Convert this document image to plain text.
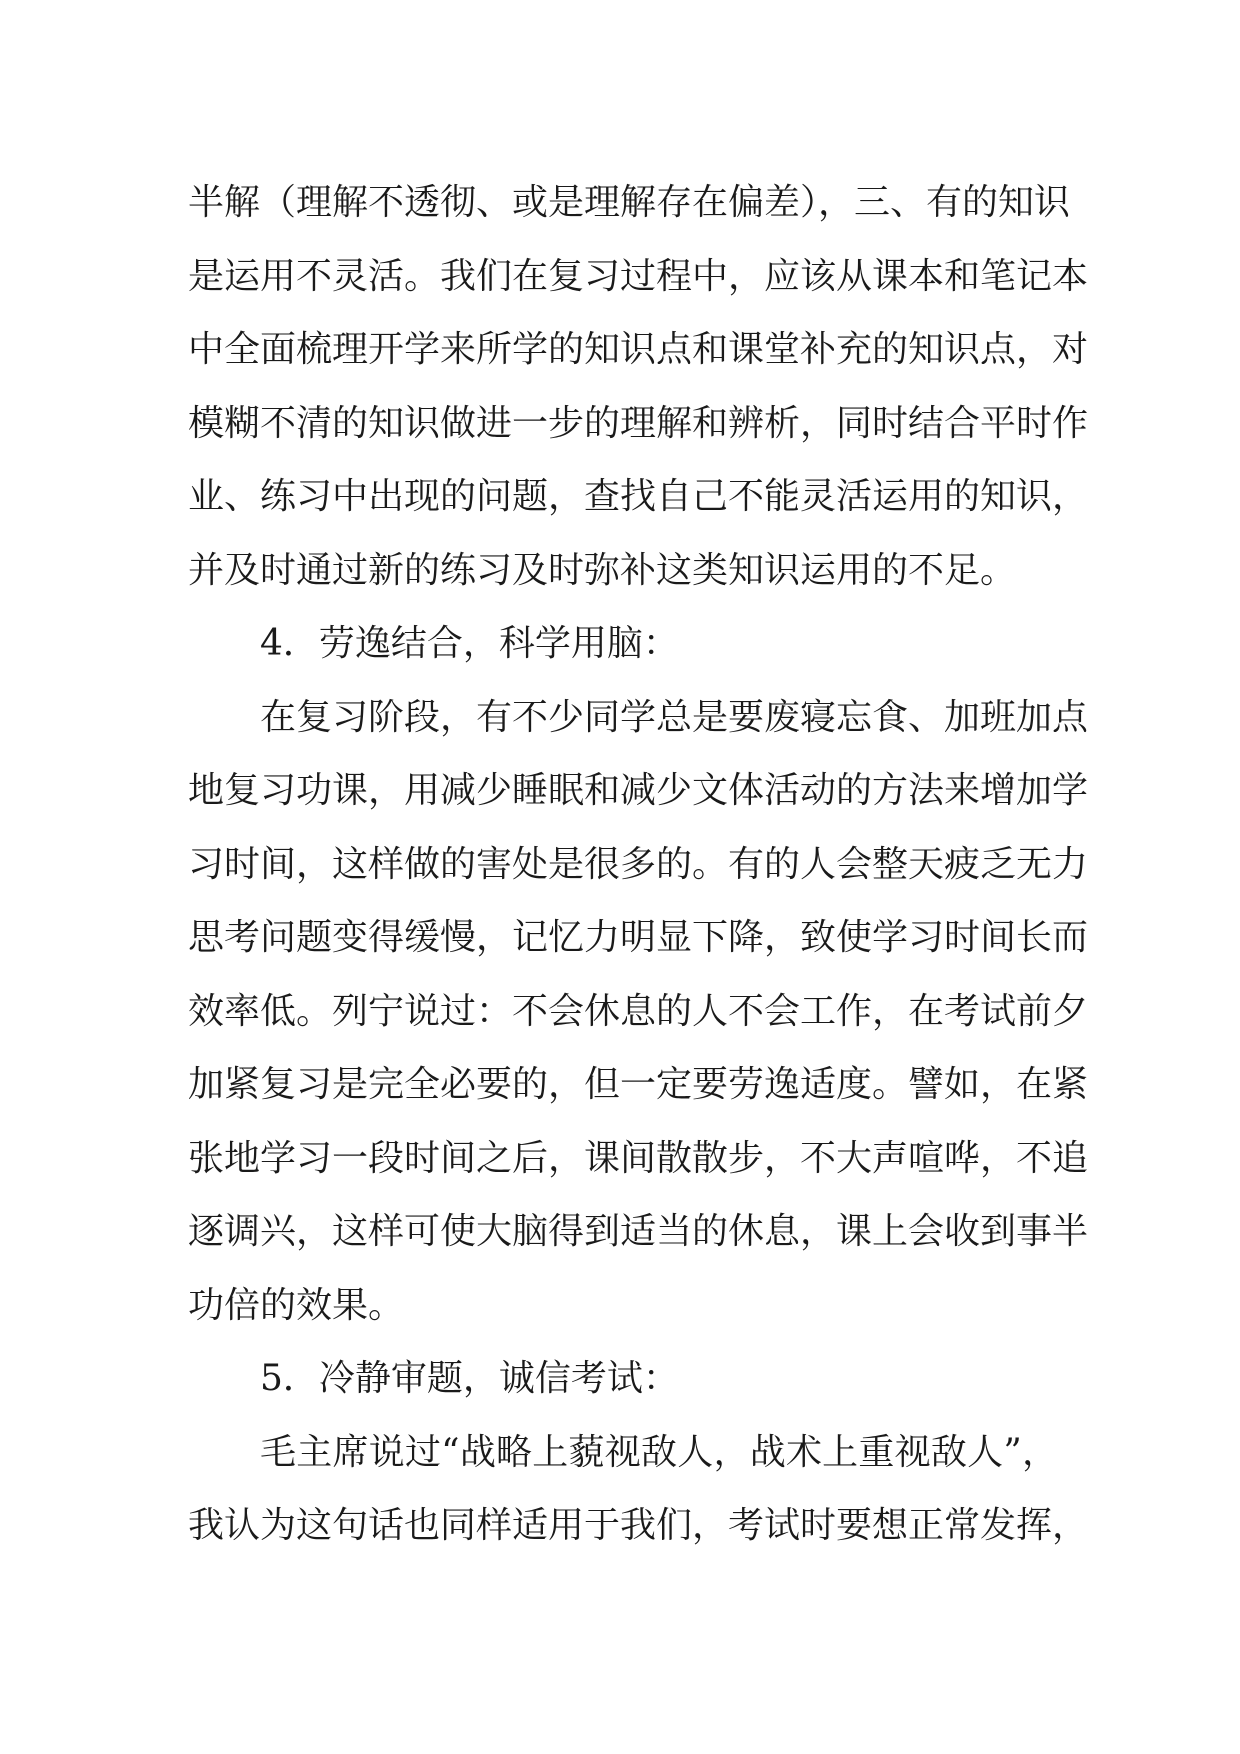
半解（理解不透彻、或是理解存在偏差），三、有的知识
是运用不灵活。我们在复习过程中，应该从课本和笔记本
中全面梳理开学来所学的知识点和课堂补充的知识点，对
模糊不清的知识做进一步的理解和辨析，同时结合平时作
业、练习中出现的问题，查找自己不能灵活运用的知识，
并及时通过新的练习及时弥补这类知识运用的不足。
4．劳逸结合，科学用脑：
在复习阶段，有不少同学总是要废寝忘食、加班加点
地复习功课，用减少睡眠和减少文体活动的方法来增加学
习时间，这样做的害处是很多的。有的人会整天疲乏无力
思考问题变得缓慢，记忆力明显下降，致使学习时间长而
效率低。列宁说过：不会休息的人不会工作，在考试前夕
加紧复习是完全必要的，但一定要劳逸适度。譬如，在紧
张地学习一段时间之后，课间散散步，不大声喧哗，不追
逐调兴，这样可使大脑得到适当的休息，课上会收到事半
功倍的效果。
5．冷静审题，诚信考试：
毛主席说过“战略上藐视敌人，战术上重视敌人”，
我认为这句话也同样适用于我们，考试时要想正常发挥，
